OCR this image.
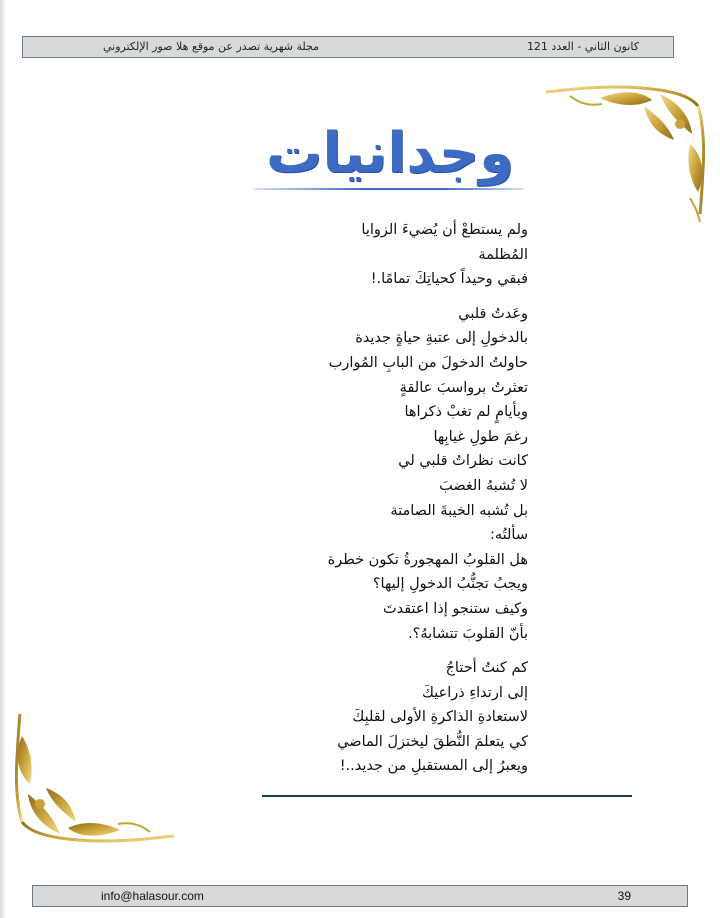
مجلة شهرية تصدر عن موقع هلا صور الإلكتروني	كانون الثاني - العدد 121
وجدانيات
ولم يستطعْ أن يُضيءَ الزوايا
المُظلمة
فبقي وحيداً كحياتِكَ تمامًا.!
وعَدتُ قلبي
بالدخولِ إلى عتبةِ حياةٍ جديدة
حاولتُ الدخولَ من البابِ المُوارب
تعثرتُ برواسبَ عالقةٍ
وبأيامٍ لم تغبْ ذكراها
رغمَ طولِ غيابِها
كانت نظراتُ قلبي لي
لا تُشبهُ الغضبَ
بل تُشبه الخيبةَ الصامتة
سألتُه:
هل القلوبُ المهجورةُ تكون خطرة
ويجبُ تجنُّبُ الدخولِ إليها؟
وكيف ستنجو إذا اعتقدتَ
بأنّ القلوبَ تتشابهُ؟.
كم كنتُ أحتاجُ
إلى ارتداءِ ذراعيكَ
لاستعادةِ الذاكرةِ الأولى لقلبِكَ
كي يتعلمَ النُّطقَ ليختزلَ الماضي
ويعبرُ إلى المستقبلِ من جديد..!
info@halasour.com	39
